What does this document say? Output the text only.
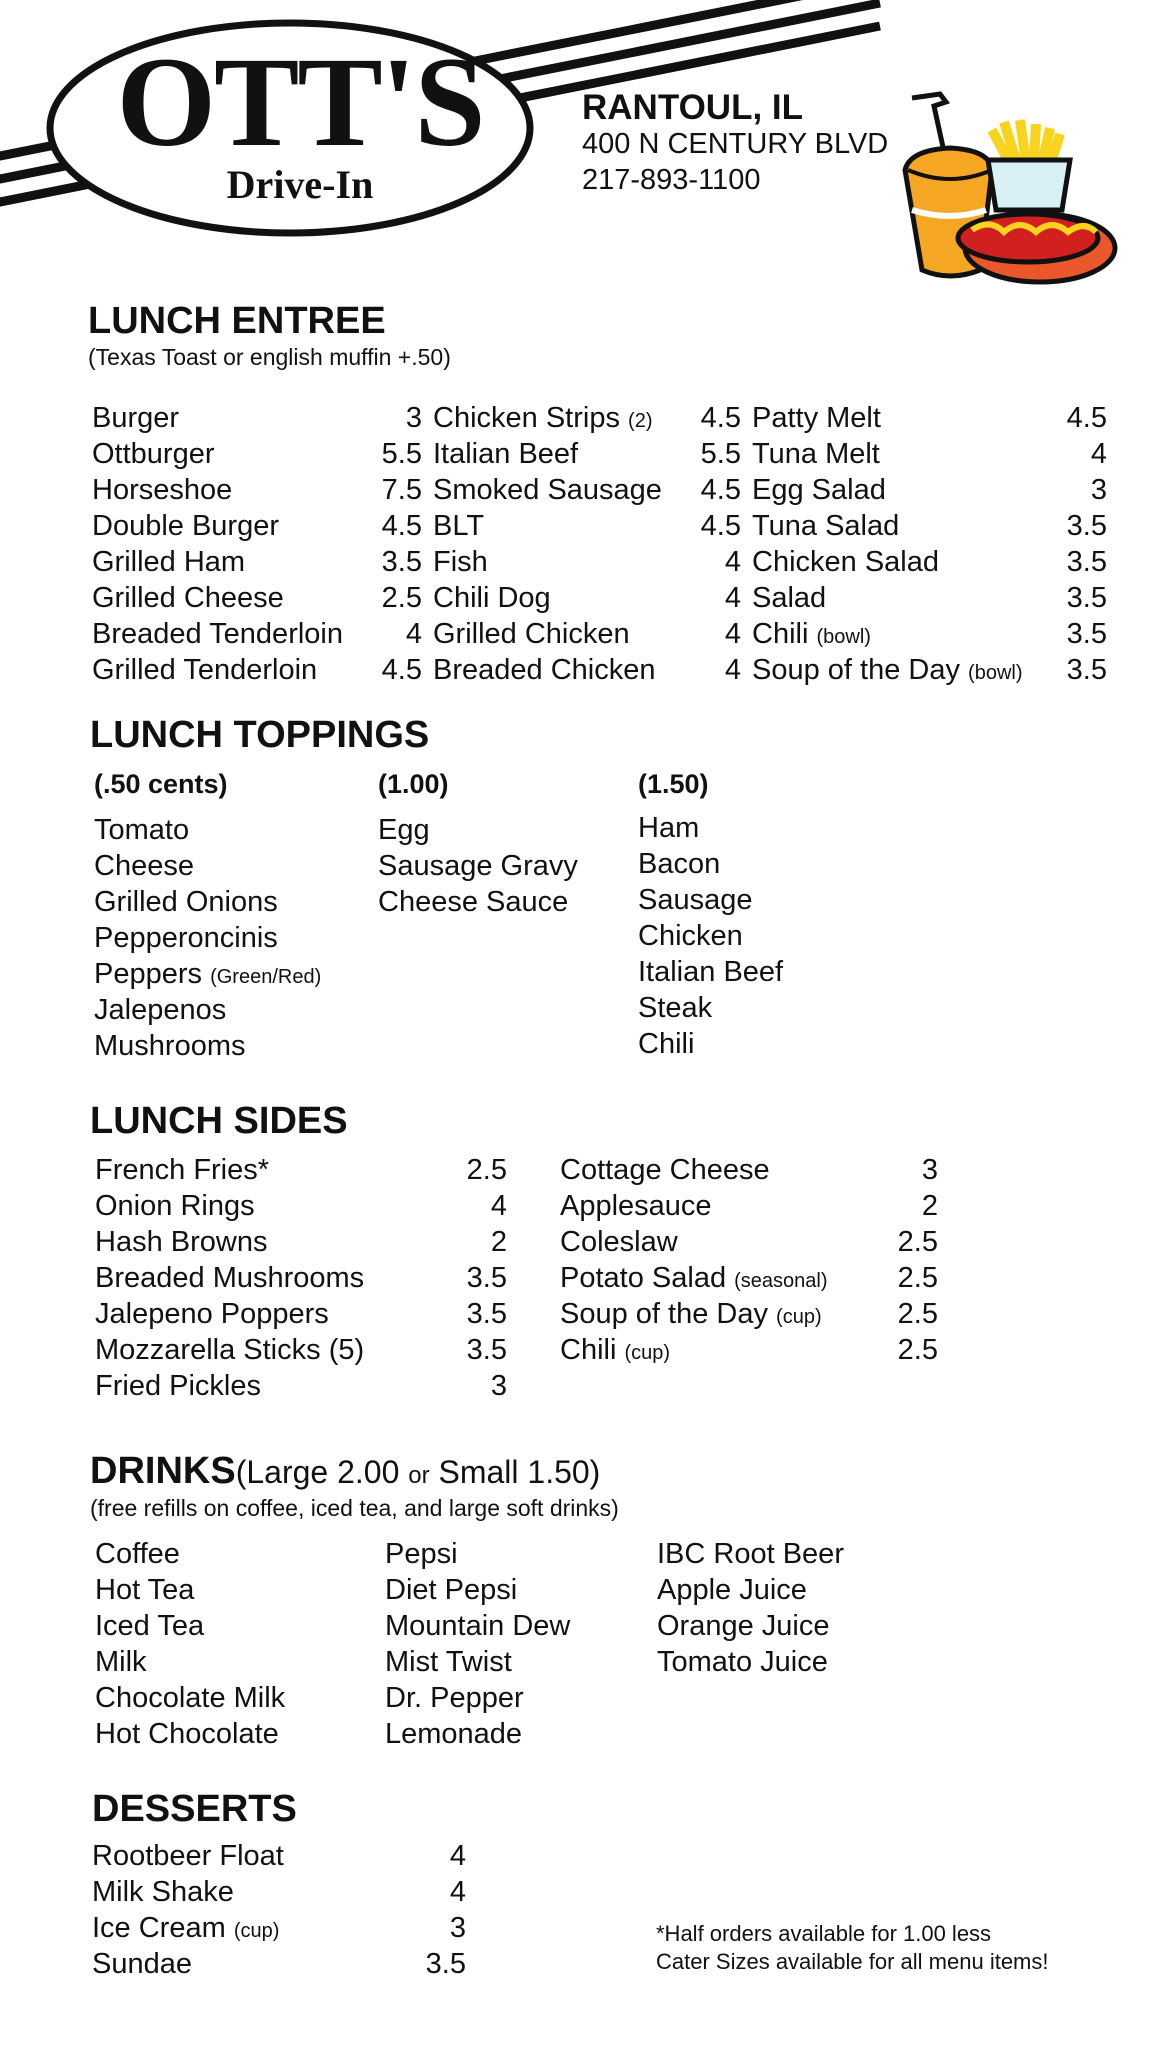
OTT'S
Drive-In
RANTOUL, IL
400 N CENTURY BLVD
217-893-1100
LUNCH ENTREE
(Texas Toast or english muffin +.50)
Burger	3
Ottburger	5.5
Horseshoe	7.5
Double Burger	4.5
Grilled Ham	3.5
Grilled Cheese	2.5
Breaded Tenderloin 4
Grilled Tenderloin 4.5
Chicken Strips (2) 4.5
Italian Beef	5.5
Smoked Sausage 4.5
BLT	4.5
Fish	4
Chili Dog	4
Grilled Chicken	4
Breaded Chicken 4
Patty Melt	4.5
Tuna Melt	4
Egg Salad	3
Tuna Salad	3.5
Chicken Salad	3.5
Salad	3.5
Chili (bowl)	3.5
Soup of the Day (bowl) 3.5
LUNCH TOPPINGS
(.50 cents)
Tomato
Cheese
Grilled Onions
Pepperoncinis
Peppers (Green/Red)
Jalepenos
Mushrooms
(1.00)
Egg
Sausage Gravy
Cheese Sauce
(1.50)
Ham
Bacon
Sausage
Chicken
Italian Beef
Steak
Chili
LUNCH SIDES
French Fries*	2.5
Onion Rings	4
Hash Browns	2
Breaded Mushrooms	3.5
Jalepeno Poppers	3.5
Mozzarella Sticks (5)	3.5
Fried Pickles	3
Cottage Cheese	3
Applesauce	2
Coleslaw	2.5
Potato Salad (seasonal) 2.5
Soup of the Day (cup)	2.5
Chili (cup)	2.5
DRINKS(Large 2.00 or Small 1.50)
(free refills on coffee, iced tea, and large soft drinks)
Coffee
Hot Tea
Iced Tea
Milk
Chocolate Milk
Hot Chocolate
Pepsi
Diet Pepsi
Mountain Dew
Mist Twist
Dr. Pepper
Lemonade
IBC Root Beer
Apple Juice
Orange Juice
Tomato Juice
DESSERTS
Rootbeer Float	4
Milk Shake	4
Ice Cream (cup)	3
Sundae	3.5
*Half orders available for 1.00 less
Cater Sizes available for all menu items!
